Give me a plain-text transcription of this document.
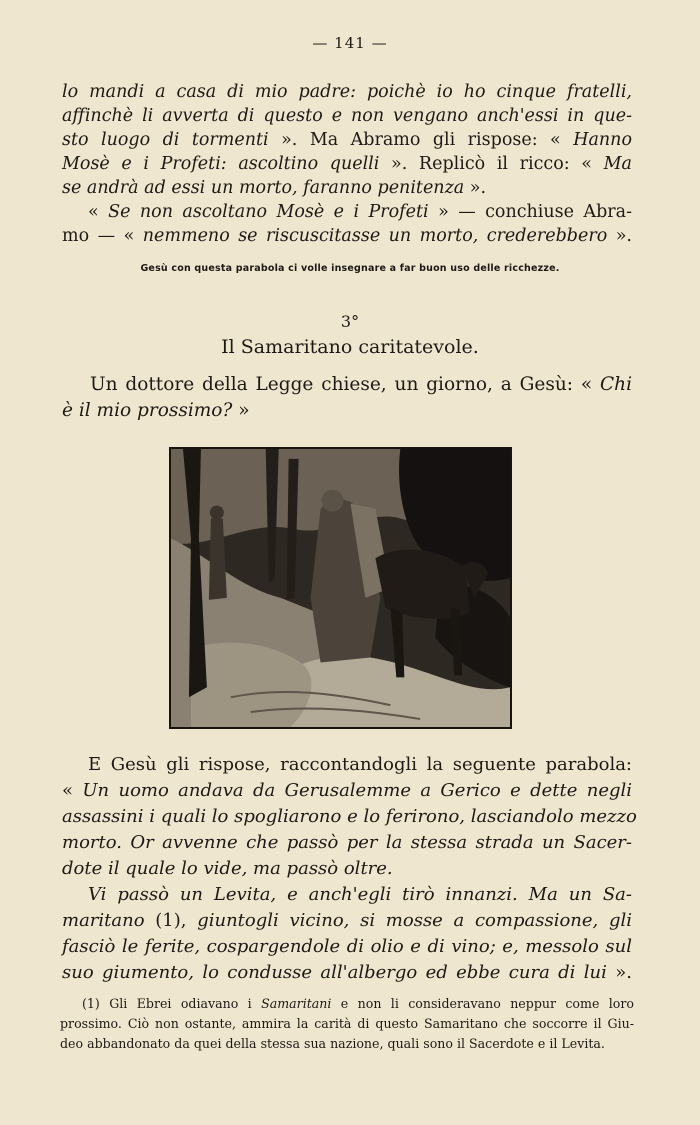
— 141 —
lo mandi a casa di mio padre: poichè io ho cinque fratelli,
affinchè li avverta di questo e non vengano anch'essi in que-
sto luogo di tormenti ». Ma Abramo gli rispose: « Hanno
Mosè e i Profeti: ascoltino quelli ». Replicò il ricco: « Ma
se andrà ad essi un morto, faranno penitenza ».
« Se non ascoltano Mosè e i Profeti » — conchiuse Abra-
mo — « nemmeno se riscuscitasse un morto, crederebbero ».
Gesù con questa parabola ci volle insegnare a far buon uso delle ricchezze.
3°
Il Samaritano caritatevole.
Un dottore della Legge chiese, un giorno, a Gesù: « Chi
è il mio prossimo? »
E Gesù gli rispose, raccontandogli la seguente parabola:
« Un uomo andava da Gerusalemme a Gerico e dette negli
assassini i quali lo spogliarono e lo ferirono, lasciandolo mezzo
morto. Or avvenne che passò per la stessa strada un Sacer-
dote il quale lo vide, ma passò oltre.
Vi passò un Levita, e anch'egli tirò innanzi. Ma un Sa-
maritano (1), giuntogli vicino, si mosse a compassione, gli
fasciò le ferite, cospargendole di olio e di vino; e, messolo sul
suo giumento, lo condusse all'albergo ed ebbe cura di lui ».
(1) Gli Ebrei odiavano i Samaritani e non li consideravano neppur come loro
prossimo. Ciò non ostante, ammira la carità di questo Samaritano che soccorre il Giu-
deo abbandonato da quei della stessa sua nazione, quali sono il Sacerdote e il Levita.
